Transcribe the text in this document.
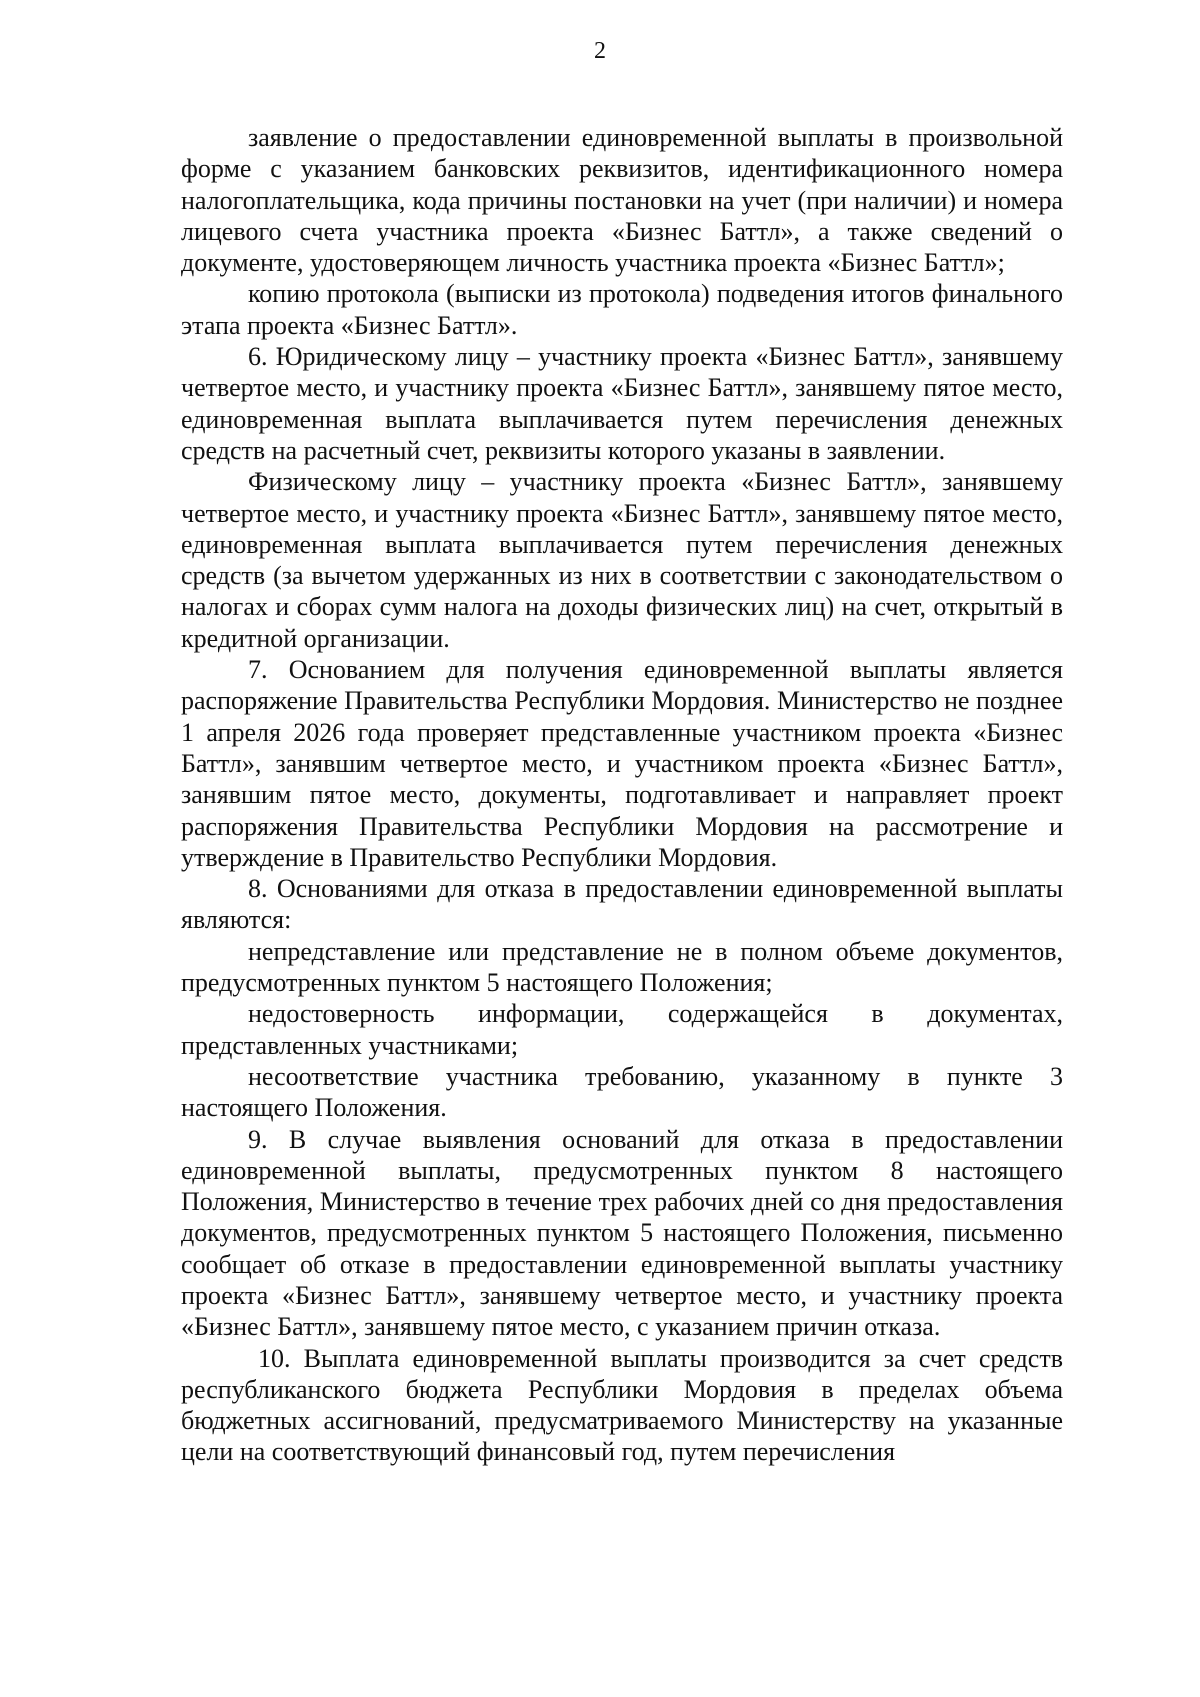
2

заявление о предоставлении единовременной выплаты в произвольной форме с указанием банковских реквизитов, идентификационного номера налогоплательщика, кода причины постановки на учет (при наличии) и номера лицевого счета участника проекта «Бизнес Баттл», а также сведений о документе, удостоверяющем личность участника проекта «Бизнес Баттл»;

копию протокола (выписки из протокола) подведения итогов финального этапа проекта «Бизнес Баттл».

6. Юридическому лицу – участнику проекта «Бизнес Баттл», занявшему четвертое место, и участнику проекта «Бизнес Баттл», занявшему пятое место, единовременная выплата выплачивается путем перечисления денежных средств на расчетный счет, реквизиты которого указаны в заявлении.

Физическому лицу – участнику проекта «Бизнес Баттл», занявшему четвертое место, и участнику проекта «Бизнес Баттл», занявшему пятое место, единовременная выплата выплачивается путем перечисления денежных средств (за вычетом удержанных из них в соответствии с законодательством о налогах и сборах сумм налога на доходы физических лиц) на счет, открытый в кредитной организации.

7. Основанием для получения единовременной выплаты является распоряжение Правительства Республики Мордовия. Министерство не позднее 1 апреля 2026 года проверяет представленные участником проекта «Бизнес Баттл», занявшим четвертое место, и участником проекта «Бизнес Баттл», занявшим пятое место, документы, подготавливает и направляет проект распоряжения Правительства Республики Мордовия на рассмотрение и утверждение в Правительство Республики Мордовия.

8. Основаниями для отказа в предоставлении единовременной выплаты являются:

непредставление или представление не в полном объеме документов, предусмотренных пунктом 5 настоящего Положения;

недостоверность информации, содержащейся в документах, представленных участниками;

несоответствие участника требованию, указанному в пункте 3 настоящего Положения.

9. В случае выявления оснований для отказа в предоставлении единовременной выплаты, предусмотренных пунктом 8 настоящего Положения, Министерство в течение трех рабочих дней со дня предоставления документов, предусмотренных пунктом 5 настоящего Положения, письменно сообщает об отказе в предоставлении единовременной выплаты участнику проекта «Бизнес Баттл», занявшему четвертое место, и участнику проекта «Бизнес Баттл», занявшему пятое место, с указанием причин отказа.

10. Выплата единовременной выплаты производится за счет средств республиканского бюджета Республики Мордовия в пределах объема бюджетных ассигнований, предусматриваемого Министерству на указанные цели на соответствующий финансовый год, путем перечисления
